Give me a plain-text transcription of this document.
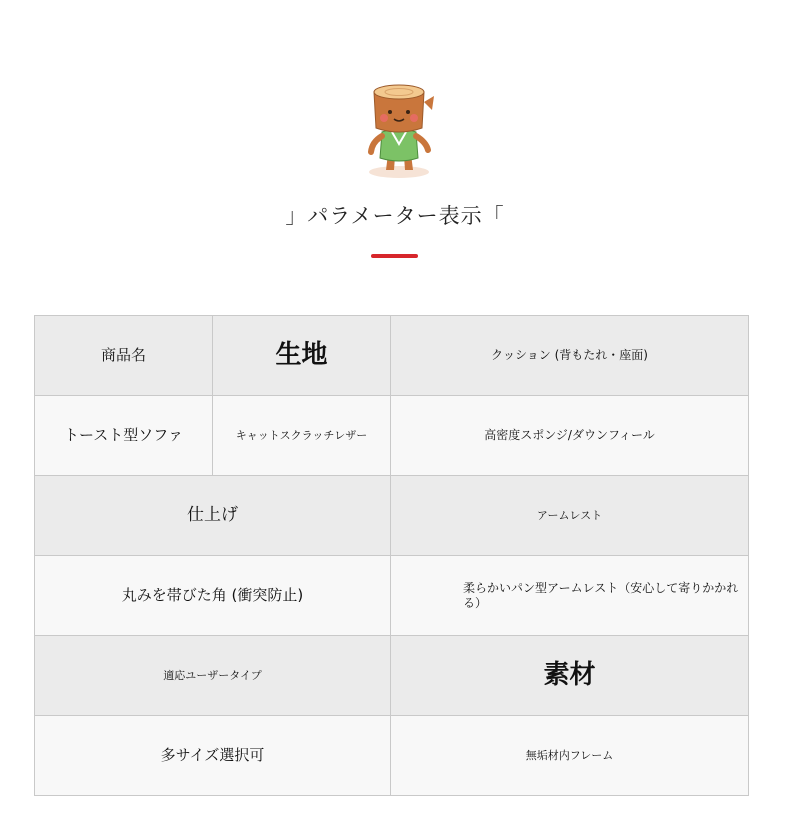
」パラメーター表示「
商品名	生地	クッション (背もたれ・座面)
トースト型ソファ	キャットスクラッチレザー	高密度スポンジ/ダウンフィール
仕上げ		アームレスト
丸みを帯びた角 (衝突防止)		柔らかいパン型アームレスト（安心して寄りかかれる）
適応ユーザータイプ		素材
多サイズ選択可		無垢材内フレーム
